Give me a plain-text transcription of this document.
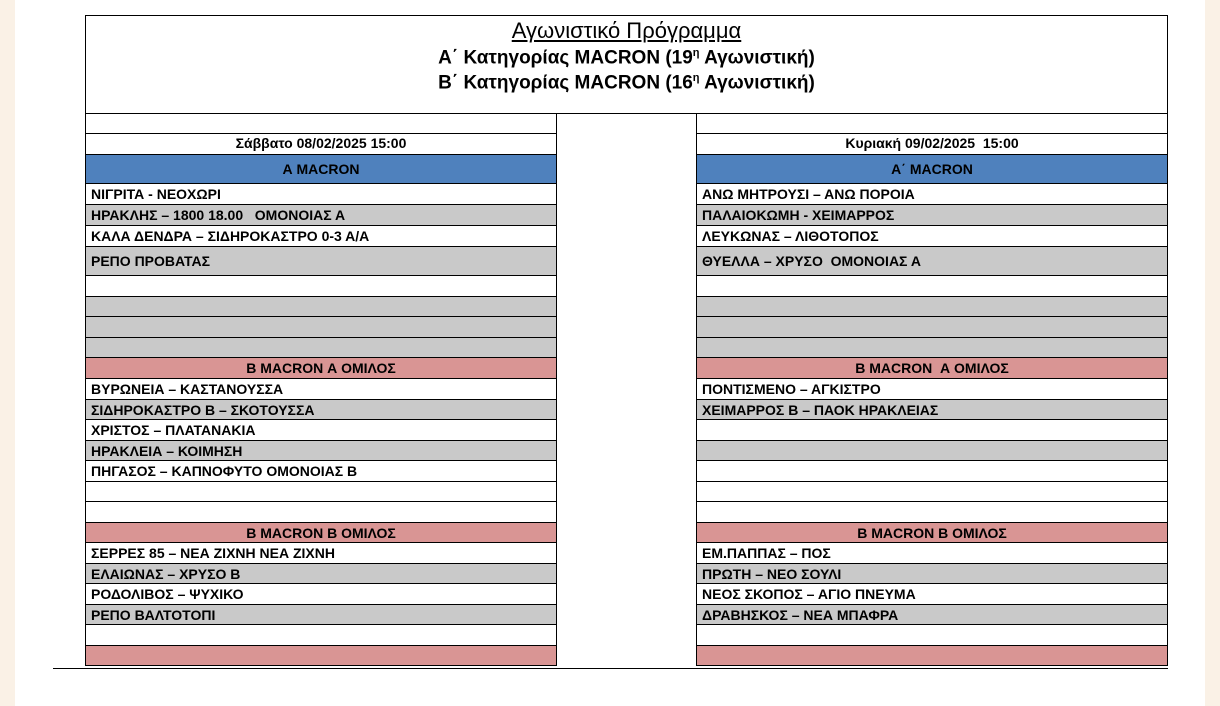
Αγωνιστικό Πρόγραμμα
Α΄ Κατηγορίας MACRON ($19^\eta$ Αγωνιστική)
Β΄ Κατηγορίας MACRON ($16^\eta$ Αγωνιστική)
Σάββατο 08/02/2025 15:00
Α MACRON
ΝΙΓΡΙΤΑ - ΝΕΟΧΩΡΙ
ΗΡΑΚΛΗΣ – 1800 18.00   ΟΜΟΝΟΙΑΣ Α
ΚΑΛΑ ΔΕΝΔΡΑ – ΣΙΔΗΡΟΚΑΣΤΡΟ 0-3 Α/Α
ΡΕΠΟ ΠΡΟΒΑΤΑΣ
Β MACRON Α ΟΜΙΛΟΣ
ΒΥΡΩΝΕΙΑ – ΚΑΣΤΑΝΟΥΣΣΑ
ΣΙΔΗΡΟΚΑΣΤΡΟ Β – ΣΚΟΤΟΥΣΣΑ
ΧΡΙΣΤΟΣ – ΠΛΑΤΑΝΑΚΙΑ
ΗΡΑΚΛΕΙΑ – ΚΟΙΜΗΣΗ
ΠΗΓΑΣΟΣ – ΚΑΠΝΟΦΥΤΟ ΟΜΟΝΟΙΑΣ Β
Β MACRON Β ΟΜΙΛΟΣ
ΣΕΡΡΕΣ 85 – ΝΕΑ ΖΙΧΝΗ ΝΕΑ ΖΙΧΝΗ
ΕΛΑΙΩΝΑΣ – ΧΡΥΣΟ Β
ΡΟΔΟΛΙΒΟΣ – ΨΥΧΙΚΟ
ΡΕΠΟ ΒΑΛΤΟΤΟΠΙ
Κυριακή 09/02/2025  15:00
Α΄ MACRON
ΑΝΩ ΜΗΤΡΟΥΣΙ – ΑΝΩ ΠΟΡΟΙΑ
ΠΑΛΑΙΟΚΩΜΗ - ΧΕΙΜΑΡΡΟΣ
ΛΕΥΚΩΝΑΣ – ΛΙΘΟΤΟΠΟΣ
ΘΥΕΛΛΑ – ΧΡΥΣΟ  ΟΜΟΝΟΙΑΣ Α
Β MACRON  Α ΟΜΙΛΟΣ
ΠΟΝΤΙΣΜΕΝΟ – ΑΓΚΙΣΤΡΟ
ΧΕΙΜΑΡΡΟΣ Β – ΠΑΟΚ ΗΡΑΚΛΕΙΑΣ
Β MACRON Β ΟΜΙΛΟΣ
ΕΜ.ΠΑΠΠΑΣ – ΠΟΣ
ΠΡΩΤΗ – ΝΕΟ ΣΟΥΛΙ
ΝΕΟΣ ΣΚΟΠΟΣ – ΑΓΙΟ ΠΝΕΥΜΑ
ΔΡΑΒΗΣΚΟΣ – ΝΕΑ ΜΠΑΦΡΑ
